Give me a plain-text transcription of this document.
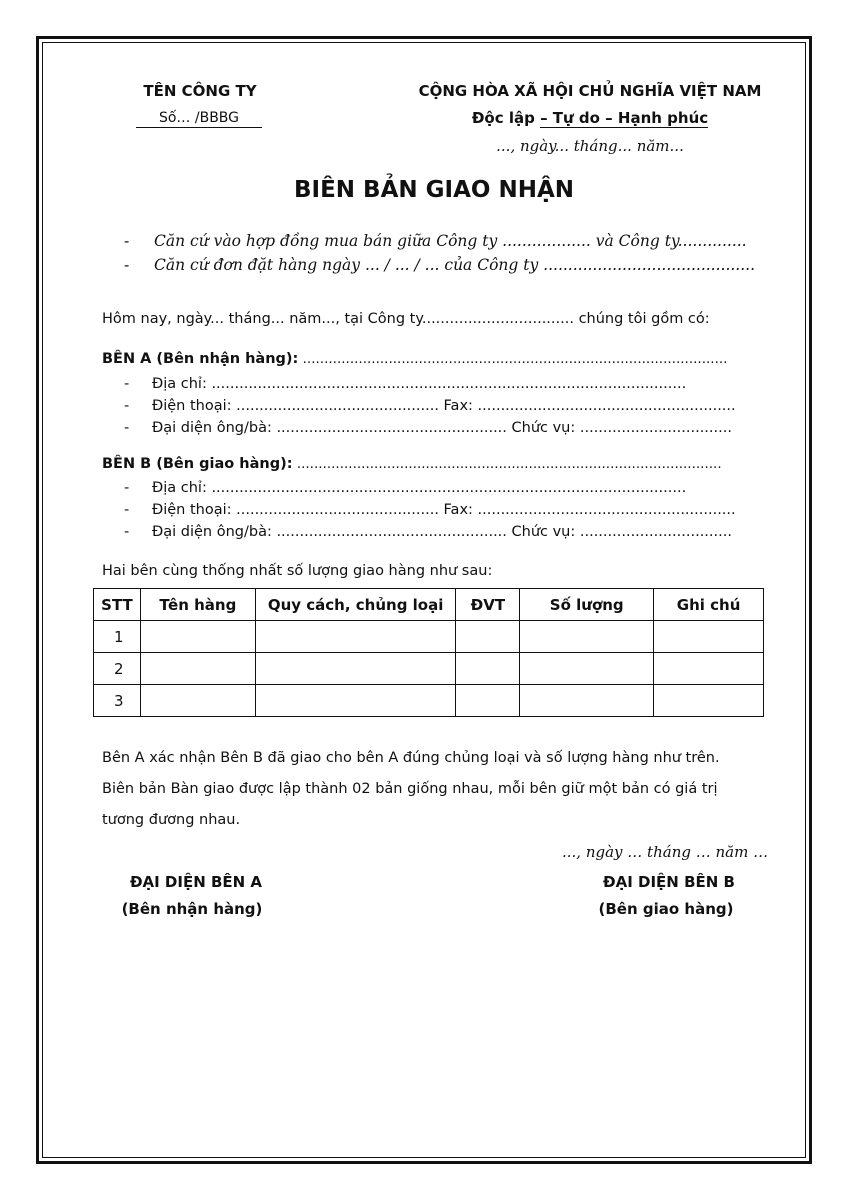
TÊN CÔNG TY
Số… /BBBG
CỘNG HÒA XÃ HỘI CHỦ NGHĨA VIỆT NAM
Độc lập – Tự do – Hạnh phúc
..., ngày... tháng... năm...
BIÊN BẢN GIAO NHẬN
- Căn cứ vào hợp đồng mua bán giữa Công ty .................. và Công ty..............
- Căn cứ đơn đặt hàng ngày ... / ... / ... của Công ty ...........................................
Hôm nay, ngày... tháng... năm..., tại Công ty................................. chúng tôi gồm có:
BÊN A (Bên nhận hàng): ...................................................................................................
- Địa chỉ: .......................................................................................................
- Điện thoại: ............................................ Fax: ........................................................
- Đại diện ông/bà: .................................................. Chức vụ: .................................
BÊN B (Bên giao hàng): ...................................................................................................
- Địa chỉ: .......................................................................................................
- Điện thoại: ............................................ Fax: ........................................................
- Đại diện ông/bà: .................................................. Chức vụ: .................................
Hai bên cùng thống nhất số lượng giao hàng như sau:
STT	Tên hàng	Quy cách, chủng loại	ĐVT	Số lượng	Ghi chú
1					
2					
3					
Bên A xác nhận Bên B đã giao cho bên A đúng chủng loại và số lượng hàng như trên.
Biên bản Bàn giao được lập thành 02 bản giống nhau, mỗi bên giữ một bản có giá trị
tương đương nhau.
..., ngày … tháng … năm …
ĐẠI DIỆN BÊN A
(Bên nhận hàng)
ĐẠI DIỆN BÊN B
(Bên giao hàng)
